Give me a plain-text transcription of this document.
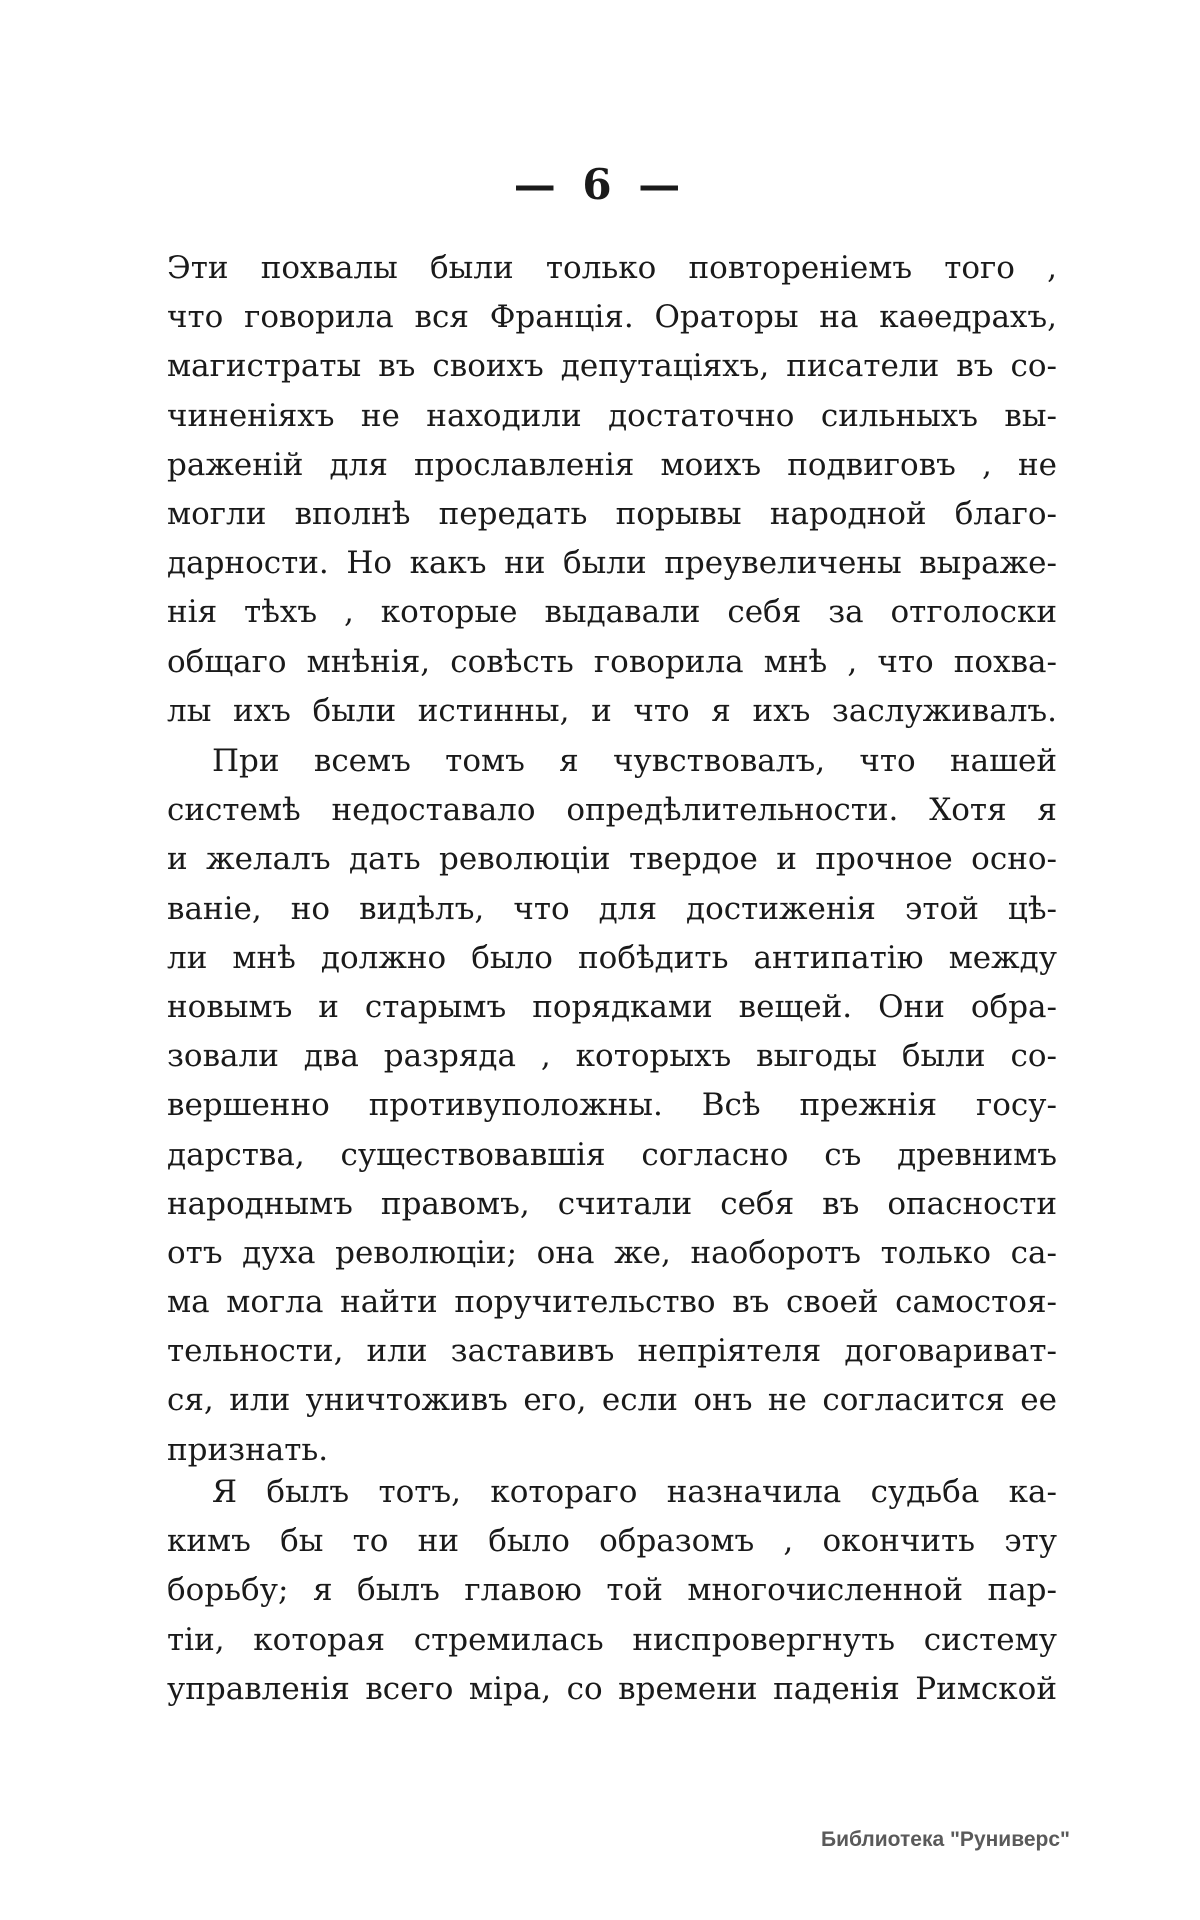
— 6 —
Эти похвалы были только повтореніемъ того ,
что говорила вся Франція. Ораторы на каѳедрахъ,
магистраты въ своихъ депутаціяхъ, писатели въ со-
чиненіяхъ не находили достаточно сильныхъ вы-
раженій для прославленія моихъ подвиговъ , не
могли вполнѣ передать порывы народной благо-
дарности. Но какъ ни были преувеличены выраже-
нія тѣхъ , которые выдавали себя за отголоски
общаго мнѣнія, совѣсть говорила мнѣ , что похва-
лы ихъ были истинны, и что я ихъ заслуживалъ.
При всемъ томъ я чувствовалъ, что нашей
системѣ недоставало опредѣлительности. Хотя я
и желалъ дать революціи твердое и прочное осно-
ваніе, но видѣлъ, что для достиженія этой цѣ-
ли мнѣ должно было побѣдить антипатію между
новымъ и старымъ порядками вещей. Они обра-
зовали два разряда , которыхъ выгоды были со-
вершенно противуположны. Всѣ прежнія госу-
дарства, существовавшія согласно съ древнимъ
народнымъ правомъ, считали себя въ опасности
отъ духа революціи; она же, наоборотъ только са-
ма могла найти поручительство въ своей самостоя-
тельности, или заставивъ непріятеля договариват-
ся, или уничтоживъ его, если онъ не согласится ее
признать.
Я былъ тотъ, котораго назначила судьба ка-
кимъ бы то ни было образомъ , окончить эту
борьбу; я былъ главою той многочисленной пар-
тіи, которая стремилась ниспровергнуть систему
управленія всего міра, со времени паденія Римской
Библиотека "Руниверс"
